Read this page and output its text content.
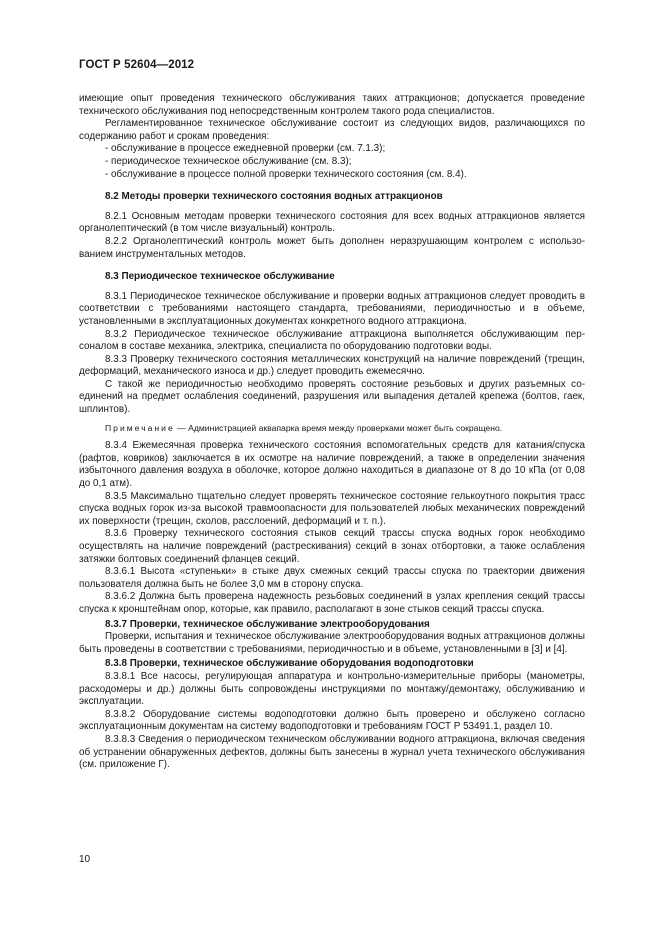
ГОСТ Р 52604—2012

имеющие опыт проведения технического обслуживания таких аттракционов; допускается проведение технического обслуживания под непосредственным контролем такого рода специалистов.

Регламентированное техническое обслуживание состоит из следующих видов, различающихся по содержанию работ и срокам проведения:

- обслуживание в процессе ежедневной проверки (см. 7.1.3);

- периодическое техническое обслуживание (см. 8.3);

- обслуживание в процессе полной проверки технического состояния (см. 8.4).

8.2 Методы проверки технического состояния водных аттракционов

8.2.1 Основным методам проверки технического состояния для всех водных аттракционов является органолептический (в том числе визуальный) контроль.

8.2.2 Органолептический контроль может быть дополнен неразрушающим контролем с использованием инструментальных методов.

8.3 Периодическое техническое обслуживание

8.3.1 Периодическое техническое обслуживание и проверки водных аттракционов следует проводить в соответствии с требованиями настоящего стандарта, требованиями, периодичностью и в объеме, установленными в эксплуатационных документах конкретного водного аттракциона.

8.3.2 Периодическое техническое обслуживание аттракциона выполняется обслуживающим персоналом в составе механика, электрика, специалиста по оборудованию подготовки воды.

8.3.3 Проверку технического состояния металлических конструкций на наличие повреждений (трещин, деформаций, механического износа и др.) следует проводить ежемесячно.

С такой же периодичностью необходимо проверять состояние резьбовых и других разъемных соединений на предмет ослабления соединений, разрушения или выпадения деталей крепежа (болтов, гаек, шплинтов).

Примечание — Администрацией аквапарка время между проверками может быть сокращено.

8.3.4 Ежемесячная проверка технического состояния вспомогательных средств для катания/спуска (рафтов, ковриков) заключается в их осмотре на наличие повреждений, а также в определении значения избыточного давления воздуха в оболочке, которое должно находиться в диапазоне от 8 до 10 кПа (от 0,08 до 0,1 атм).

8.3.5 Максимально тщательно следует проверять техническое состояние гелькоутного покрытия трасс спуска водных горок из-за высокой травмоопасности для пользователей любых механических повреждений их поверхности (трещин, сколов, расслоений, деформаций и т. п.).

8.3.6 Проверку технического состояния стыков секций трассы спуска водных горок необходимо осуществлять на наличие повреждений (растрескивания) секций в зонах отбортовки, а также ослабления затяжки болтовых соединений фланцев секций.

8.3.6.1 Высота «ступеньки» в стыке двух смежных секций трассы спуска по траектории движения пользователя должна быть не более 3,0 мм в сторону спуска.

8.3.6.2 Должна быть проверена надежность резьбовых соединений в узлах крепления секций трассы спуска к кронштейнам опор, которые, как правило, располагают в зоне стыков секций трассы спуска.

8.3.7 Проверки, техническое обслуживание электрооборудования

Проверки, испытания и техническое обслуживание электрооборудования водных аттракционов должны быть проведены в соответствии с требованиями, периодичностью и в объеме, установленными в [3] и [4].

8.3.8 Проверки, техническое обслуживание оборудования водоподготовки

8.3.8.1 Все насосы, регулирующая аппаратура и контрольно-измерительные приборы (манометры, расходомеры и др.) должны быть сопровождены инструкциями по монтажу/демонтажу, обслуживанию и эксплуатации.

8.3.8.2 Оборудование системы водоподготовки должно быть проверено и обслужено согласно эксплуатационным документам на систему водоподготовки и требованиям ГОСТ Р 53491.1, раздел 10.

8.3.8.3 Сведения о периодическом техническом обслуживании водного аттракциона, включая сведения об устранении обнаруженных дефектов, должны быть занесены в журнал учета технического обслуживания (см. приложение Г).

10
